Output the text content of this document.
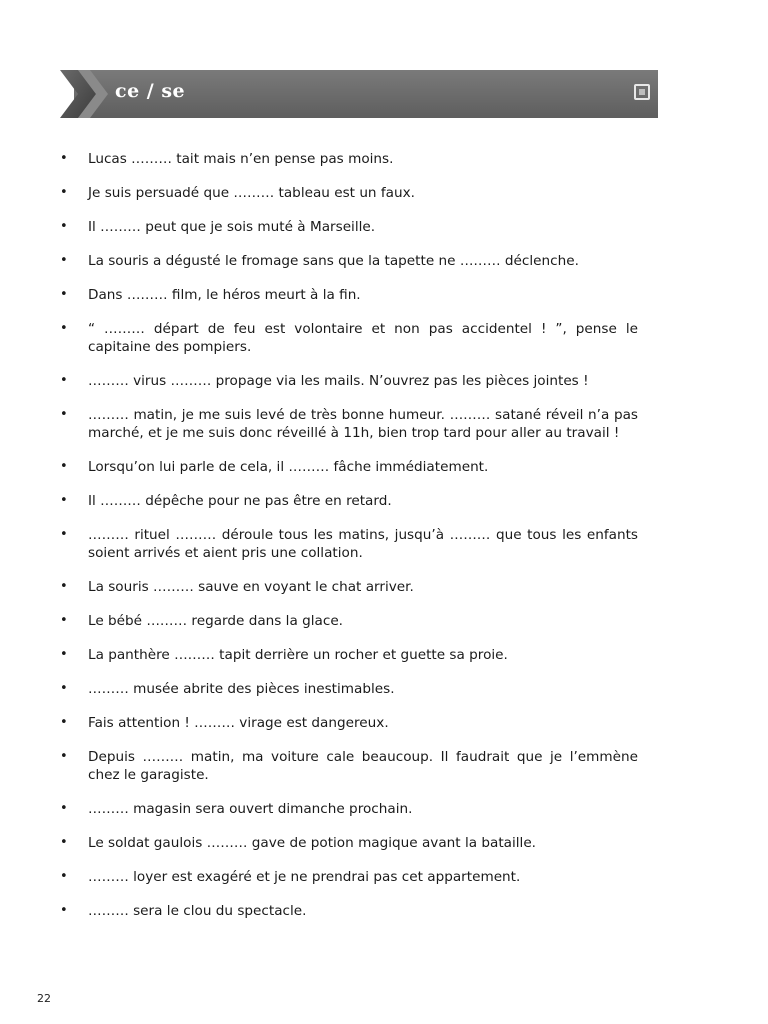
ce / se
• Lucas ……… tait mais n’en pense pas moins.
• Je suis persuadé que ……… tableau est un faux.
• Il ……… peut que je sois muté à Marseille.
• La souris a dégusté le fromage sans que la tapette ne ……… déclenche.
• Dans ……… film, le héros meurt à la fin.
• “ ……… départ de feu est volontaire et non pas accidentel ! ”, pense le capitaine des pompiers.
• ……… virus ……… propage via les mails. N’ouvrez pas les pièces jointes !
• ……… matin, je me suis levé de très bonne humeur. ……… satané réveil n’a pas marché, et je me suis donc réveillé à 11h, bien trop tard pour aller au travail !
• Lorsqu’on lui parle de cela, il ……… fâche immédiatement.
• Il ……… dépêche pour ne pas être en retard.
• ……… rituel ……… déroule tous les matins, jusqu’à ……… que tous les enfants soient arrivés et aient pris une collation.
• La souris ……… sauve en voyant le chat arriver.
• Le bébé ……… regarde dans la glace.
• La panthère ……… tapit derrière un rocher et guette sa proie.
• ……… musée abrite des pièces inestimables.
• Fais attention ! ……… virage est dangereux.
• Depuis ……… matin, ma voiture cale beaucoup. Il faudrait que je l’emmène chez le garagiste.
• ……… magasin sera ouvert dimanche prochain.
• Le soldat gaulois ……… gave de potion magique avant la bataille.
• ……… loyer est exagéré et je ne prendrai pas cet appartement.
• ……… sera le clou du spectacle.
22
